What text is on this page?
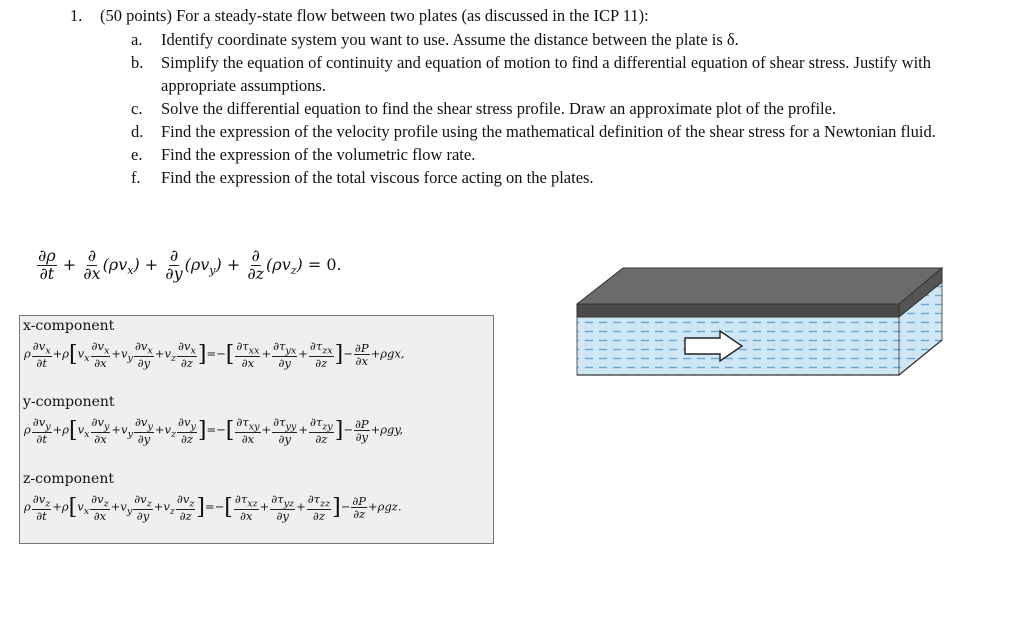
1. (50 points) For a steady-state flow between two plates (as discussed in the ICP 11):
a.	Identify coordinate system you want to use. Assume the distance between the plate is δ.
b.	Simplify the equation of continuity and equation of motion to find a differential equation of shear stress. Justify with appropriate assumptions.
c.	Solve the differential equation to find the shear stress profile. Draw an approximate plot of the profile.
d.	Find the expression of the velocity profile using the mathematical definition of the shear stress for a Newtonian fluid.
e.	Find the expression of the volumetric flow rate.
f.	Find the expression of the total viscous force acting on the plates.
$\frac{\partial\rho}{\partial t} + \frac{\partial}{\partial x} (\rho v_x) + \frac{\partial}{\partial y} (\rho v_y) + \frac{\partial}{\partial z} (\rho v_z) = 0$.
x-component
ρ $\frac{\partial v_x}{\partial t} +\rho[v_x \frac{\partial v_x}{\partial x} +v_y \frac{\partial v_x}{\partial y} +v_z \frac{\partial v_x}{\partial z}$ ]=−[ $\frac{\partial\tau_{xx}}{\partial x} + \frac{\partial\tau_{yx}}{\partial y} + \frac{\partial\tau_{zx}}{\partial z}$ ]− $\frac{\partial P}{\partial x} +\rho gx$,
y-component
ρ $\frac{\partial v_y}{\partial t} +\rho[v_x \frac{\partial v_y}{\partial x} +v_y \frac{\partial v_y}{\partial y} +v_z \frac{\partial v_y}{\partial z}$ ]=−[ $\frac{\partial\tau_{xy}}{\partial x} + \frac{\partial\tau_{yy}}{\partial y} + \frac{\partial\tau_{zy}}{\partial z}$ ]− $\frac{\partial P}{\partial y} +\rho gy$,
z-component
ρ $\frac{\partial v_z}{\partial t} +\rho[v_x \frac{\partial v_z}{\partial x} +v_y \frac{\partial v_z}{\partial y} +v_z \frac{\partial v_z}{\partial z}$ ]=−[ $\frac{\partial\tau_{xz}}{\partial x} + \frac{\partial\tau_{yz}}{\partial y} + \frac{\partial\tau_{zz}}{\partial z}$ ]− $\frac{\partial P}{\partial z} +\rho gz$.
